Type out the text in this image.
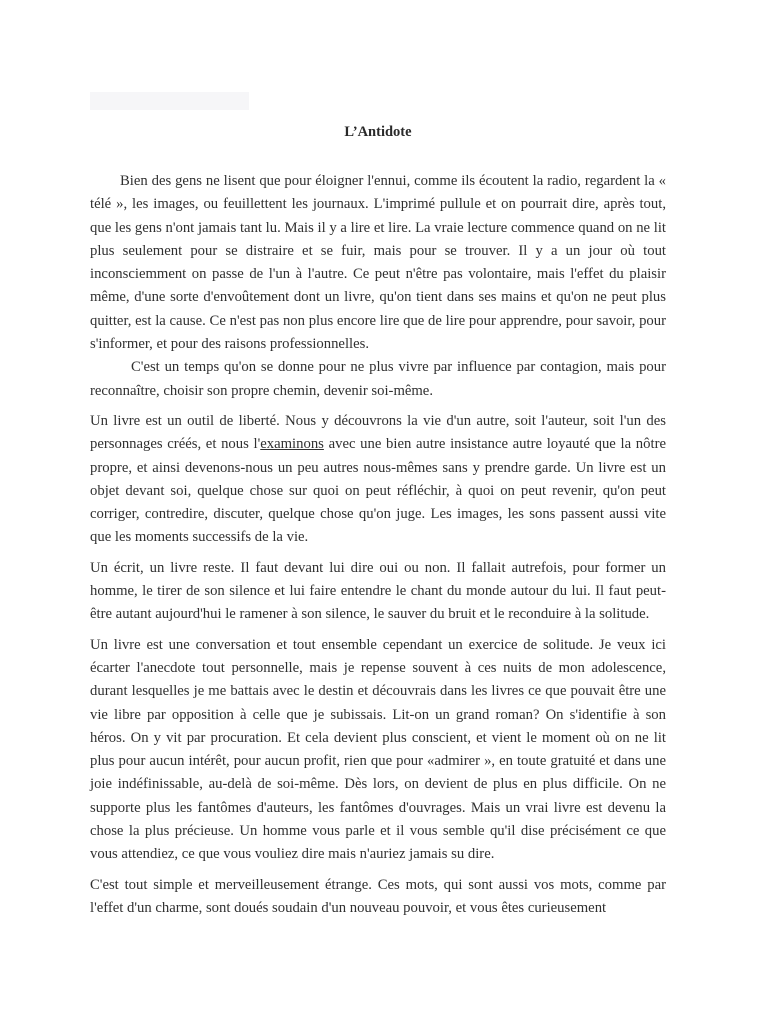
L’Antidote

Bien des gens ne lisent que pour éloigner l'ennui, comme ils écoutent la radio, regardent la « télé », les images, ou feuillettent les journaux. L'imprimé pullule et on pourrait dire, après tout, que les gens n'ont jamais tant lu. Mais il y a lire et lire. La vraie lecture commence quand on ne lit plus seulement pour se distraire et se fuir, mais pour se trouver. Il y a un jour où tout inconsciemment on passe de l'un à l'autre. Ce peut n'être pas volontaire, mais l'effet du plaisir même, d'une sorte d'envoûtement dont un livre, qu'on tient dans ses mains et qu'on ne peut plus quitter, est la cause. Ce n'est pas non plus encore lire que de lire pour apprendre, pour savoir, pour s'informer, et pour des raisons professionnelles.

C'est un temps qu'on se donne pour ne plus vivre par influence par contagion, mais pour reconnaître, choisir son propre chemin, devenir soi-même.

Un livre est un outil de liberté. Nous y découvrons la vie d'un autre, soit l'auteur, soit l'un des personnages créés, et nous l'examinons avec une bien autre insistance autre loyauté que la nôtre propre, et ainsi devenons-nous un peu autres nous-mêmes sans y prendre garde. Un livre est un objet devant soi, quelque chose sur quoi on peut réfléchir, à quoi on peut revenir, qu'on peut corriger, contredire, discuter, quelque chose qu'on juge. Les images, les sons passent aussi vite que les moments successifs de la vie.

Un écrit, un livre reste. Il faut devant lui dire oui ou non. Il fallait autrefois, pour former un homme, le tirer de son silence et lui faire entendre le chant du monde autour du lui. Il faut peut-être autant aujourd'hui le ramener à son silence, le sauver du bruit et le reconduire à la solitude.

Un livre est une conversation et tout ensemble cependant un exercice de solitude. Je veux ici écarter l'anecdote tout personnelle, mais je repense souvent à ces nuits de mon adolescence, durant lesquelles je me battais avec le destin et découvrais dans les livres ce que pouvait être une vie libre par opposition à celle que je subissais. Lit-on un grand roman? On s'identifie à son héros. On y vit par procuration. Et cela devient plus conscient, et vient le moment où on ne lit plus pour aucun intérêt, pour aucun profit, rien que pour «admirer », en toute gratuité et dans une joie indéfinissable, au-delà de soi-même. Dès lors, on devient de plus en plus difficile. On ne supporte plus les fantômes d'auteurs, les fantômes d'ouvrages. Mais un vrai livre est devenu la chose la plus précieuse. Un homme vous parle et il vous semble qu'il dise précisément ce que vous attendiez, ce que vous vouliez dire mais n'auriez jamais su dire.

C'est tout simple et merveilleusement étrange. Ces mots, qui sont aussi vos mots, comme par l'effet d'un charme, sont doués soudain d'un nouveau pouvoir, et vous êtes curieusement
